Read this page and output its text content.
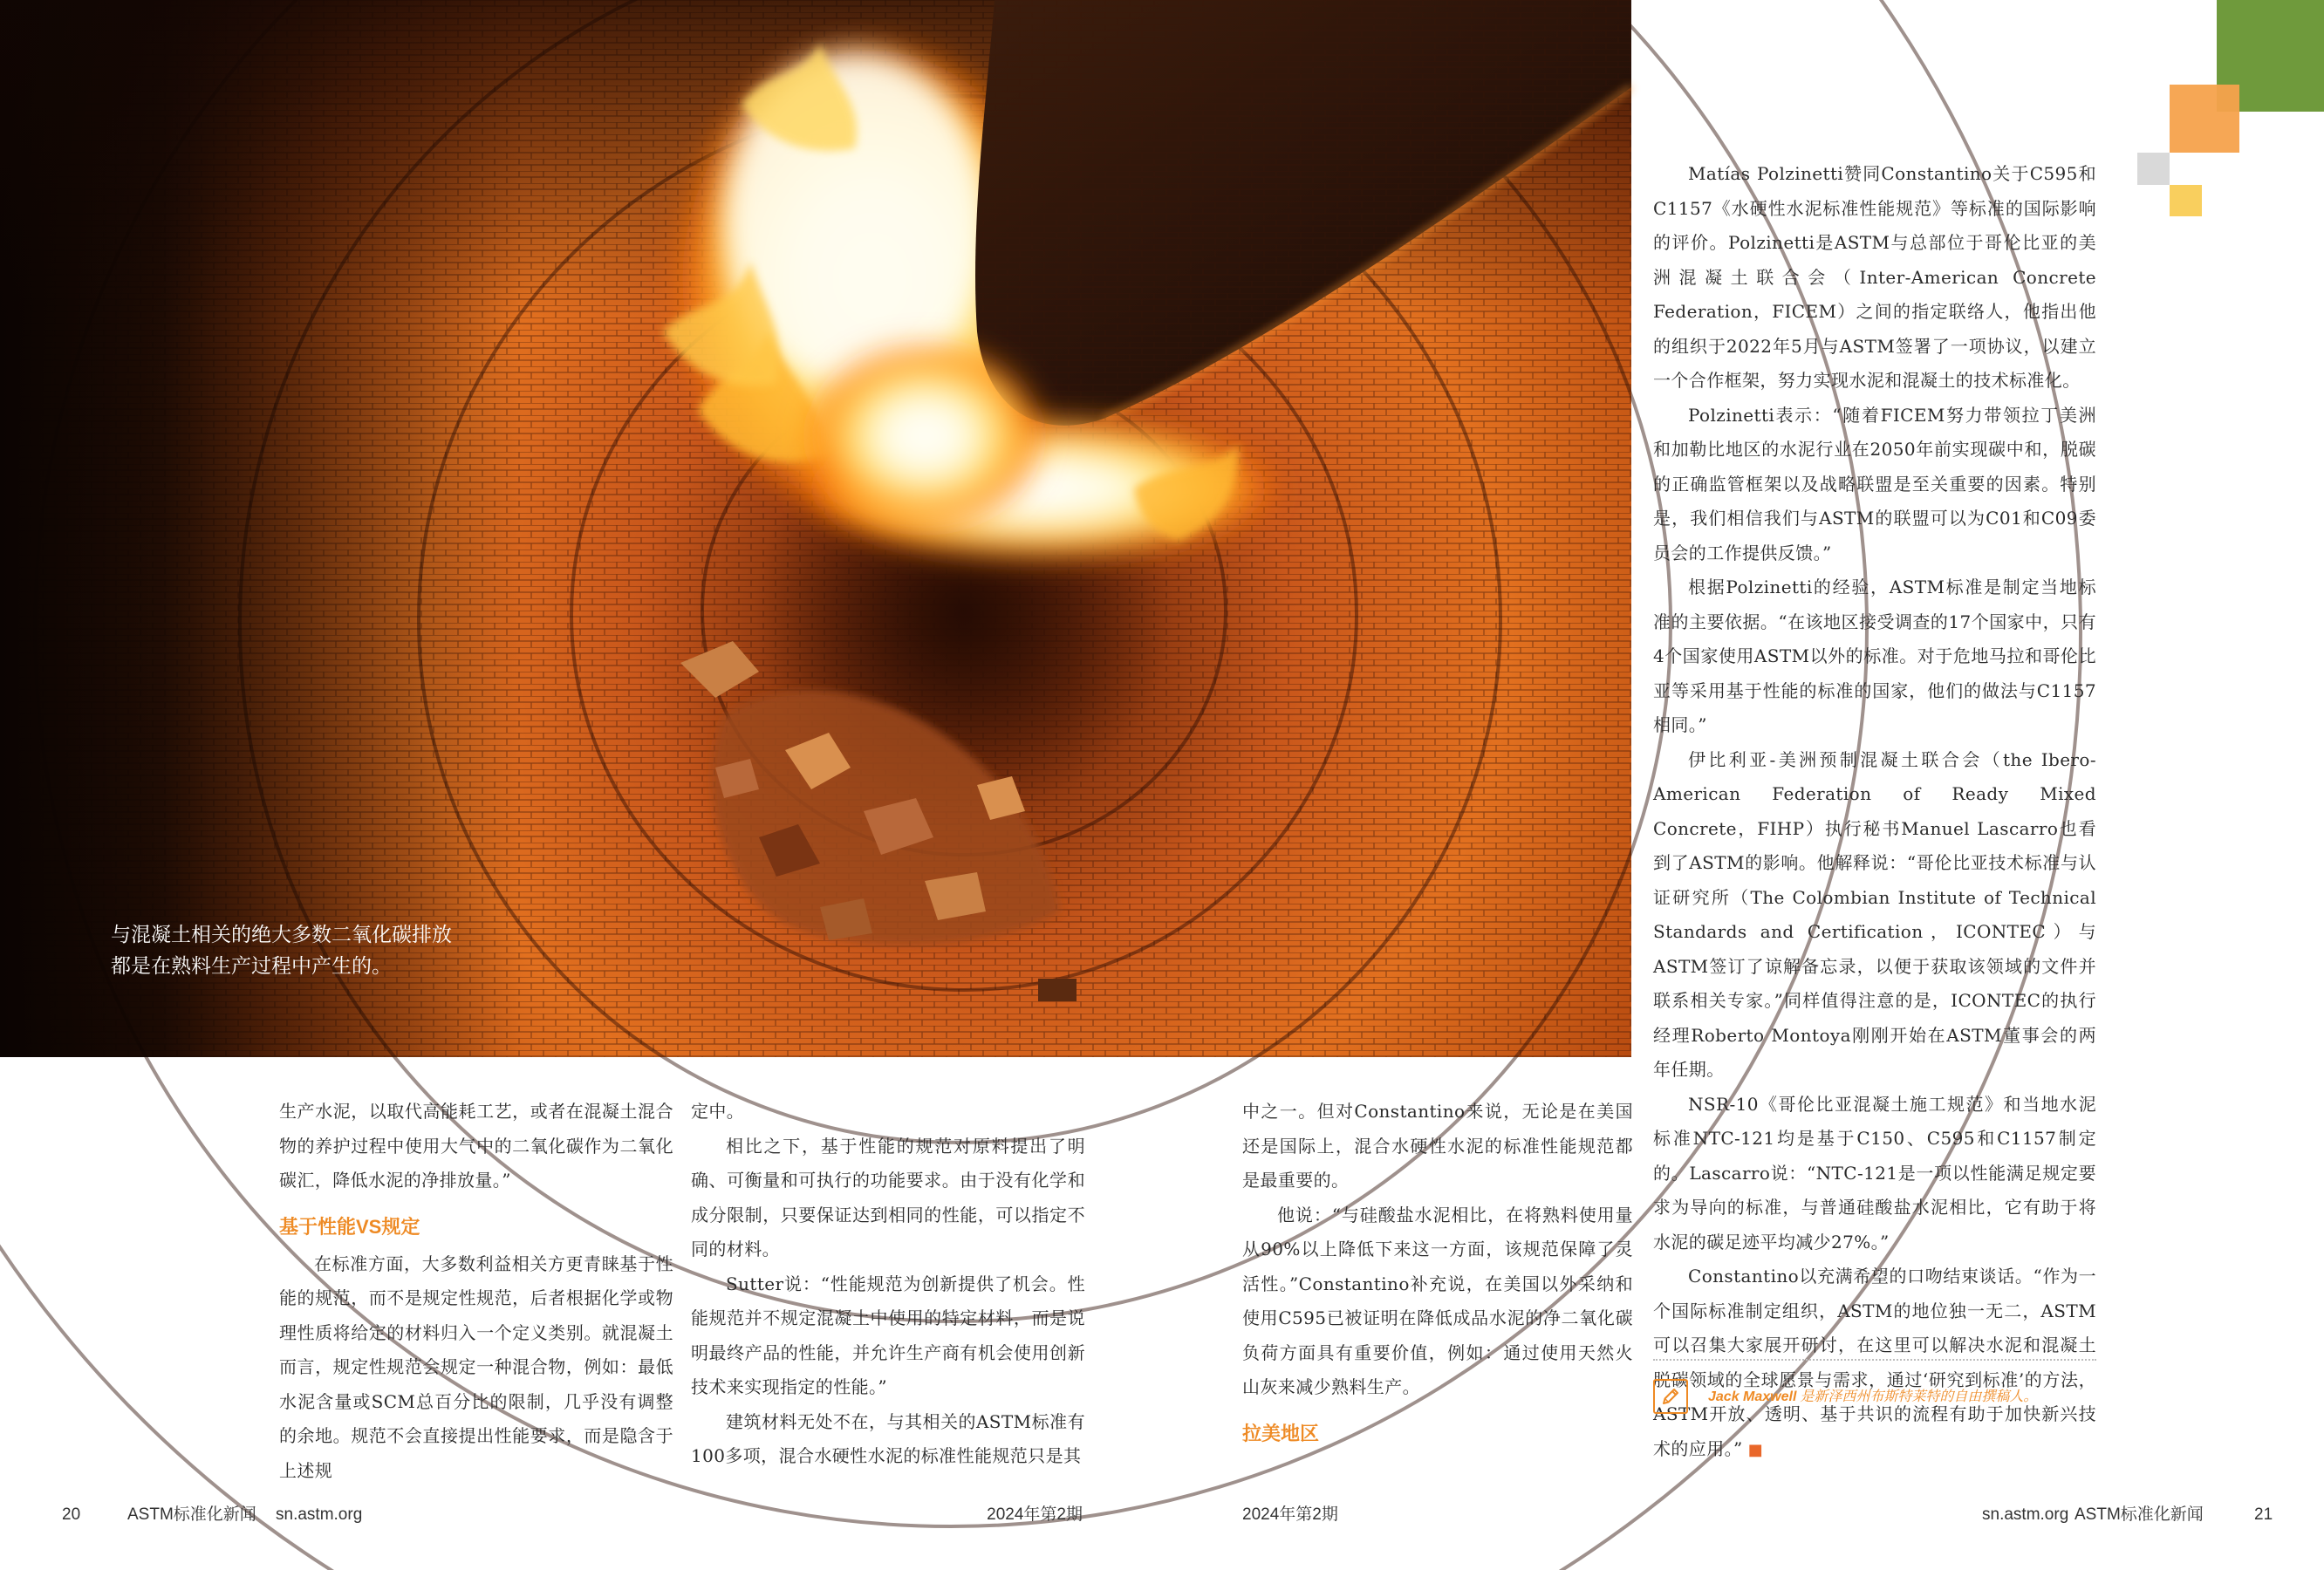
与混凝土相关的绝大多数二氧化碳排放
都是在熟料生产过程中产生的。

生产水泥，以取代高能耗工艺，或者在混凝土混合物的养护过程中使用大气中的二氧化碳作为二氧化碳汇，降低水泥的净排放量。”

基于性能VS规定

在标准方面，大多数利益相关方更青睐基于性能的规范，而不是规定性规范，后者根据化学或物理性质将给定的材料归入一个定义类别。就混凝土而言，规定性规范会规定一种混合物，例如：最低水泥含量或SCM总百分比的限制，几乎没有调整的余地。规范不会直接提出性能要求，而是隐含于上述规

定中。

相比之下，基于性能的规范对原料提出了明确、可衡量和可执行的功能要求。由于没有化学和成分限制，只要保证达到相同的性能，可以指定不同的材料。

Sutter说：“性能规范为创新提供了机会。性能规范并不规定混凝土中使用的特定材料，而是说明最终产品的性能，并允许生产商有机会使用创新技术来实现指定的性能。”

建筑材料无处不在，与其相关的ASTM标准有100多项，混合水硬性水泥的标准性能规范只是其

中之一。但对Constantino来说，无论是在美国还是国际上，混合水硬性水泥的标准性能规范都是最重要的。

他说：“与硅酸盐水泥相比，在将熟料使用量从90%以上降低下来这一方面，该规范保障了灵活性。”Constantino补充说，在美国以外采纳和使用C595已被证明在降低成品水泥的净二氧化碳负荷方面具有重要价值，例如：通过使用天然火山灰来减少熟料生产。

拉美地区

Matías Polzinetti赞同Constantino关于C595和C1157《水硬性水泥标准性能规范》等标准的国际影响的评价。Polzinetti是ASTM与总部位于哥伦比亚的美洲混凝土联合会（Inter-American Concrete Federation，FICEM）之间的指定联络人，他指出他的组织于2022年5月与ASTM签署了一项协议，以建立一个合作框架，努力实现水泥和混凝土的技术标准化。

Polzinetti表示：“随着FICEM努力带领拉丁美洲和加勒比地区的水泥行业在2050年前实现碳中和，脱碳的正确监管框架以及战略联盟是至关重要的因素。特别是，我们相信我们与ASTM的联盟可以为C01和C09委员会的工作提供反馈。”

根据Polzinetti的经验，ASTM标准是制定当地标准的主要依据。“在该地区接受调查的17个国家中，只有4个国家使用ASTM以外的标准。对于危地马拉和哥伦比亚等采用基于性能的标准的国家，他们的做法与C1157相同。”

伊比利亚-美洲预制混凝土联合会（the Ibero-American Federation of Ready Mixed Concrete，FIHP）执行秘书Manuel Lascarro也看到了ASTM的影响。他解释说：“哥伦比亚技术标准与认证研究所（The Colombian Institute of Technical Standards and Certification，ICONTEC）与ASTM签订了谅解备忘录，以便于获取该领域的文件并联系相关专家。”同样值得注意的是，ICONTEC的执行经理Roberto Montoya刚刚开始在ASTM董事会的两年任期。

NSR-10《哥伦比亚混凝土施工规范》和当地水泥标准NTC-121均是基于C150、C595和C1157制定的。Lascarro说：“NTC-121是一项以性能满足规定要求为导向的标准，与普通硅酸盐水泥相比，它有助于将水泥的碳足迹平均减少27%。”

Constantino以充满希望的口吻结束谈话。“作为一个国际标准制定组织，ASTM的地位独一无二，ASTM可以召集大家展开研讨，在这里可以解决水泥和混凝土脱碳领域的全球愿景与需求，通过‘研究到标准’的方法，ASTM开放、透明、基于共识的流程有助于加快新兴技术的应用。” ■

Jack Maxwell 是新泽西州布斯特莱特的自由撰稿人。
20	ASTM标准化新闻 sn.astm.org	2024年第2期	2024年第2期	sn.astm.org ASTM标准化新闻	21
